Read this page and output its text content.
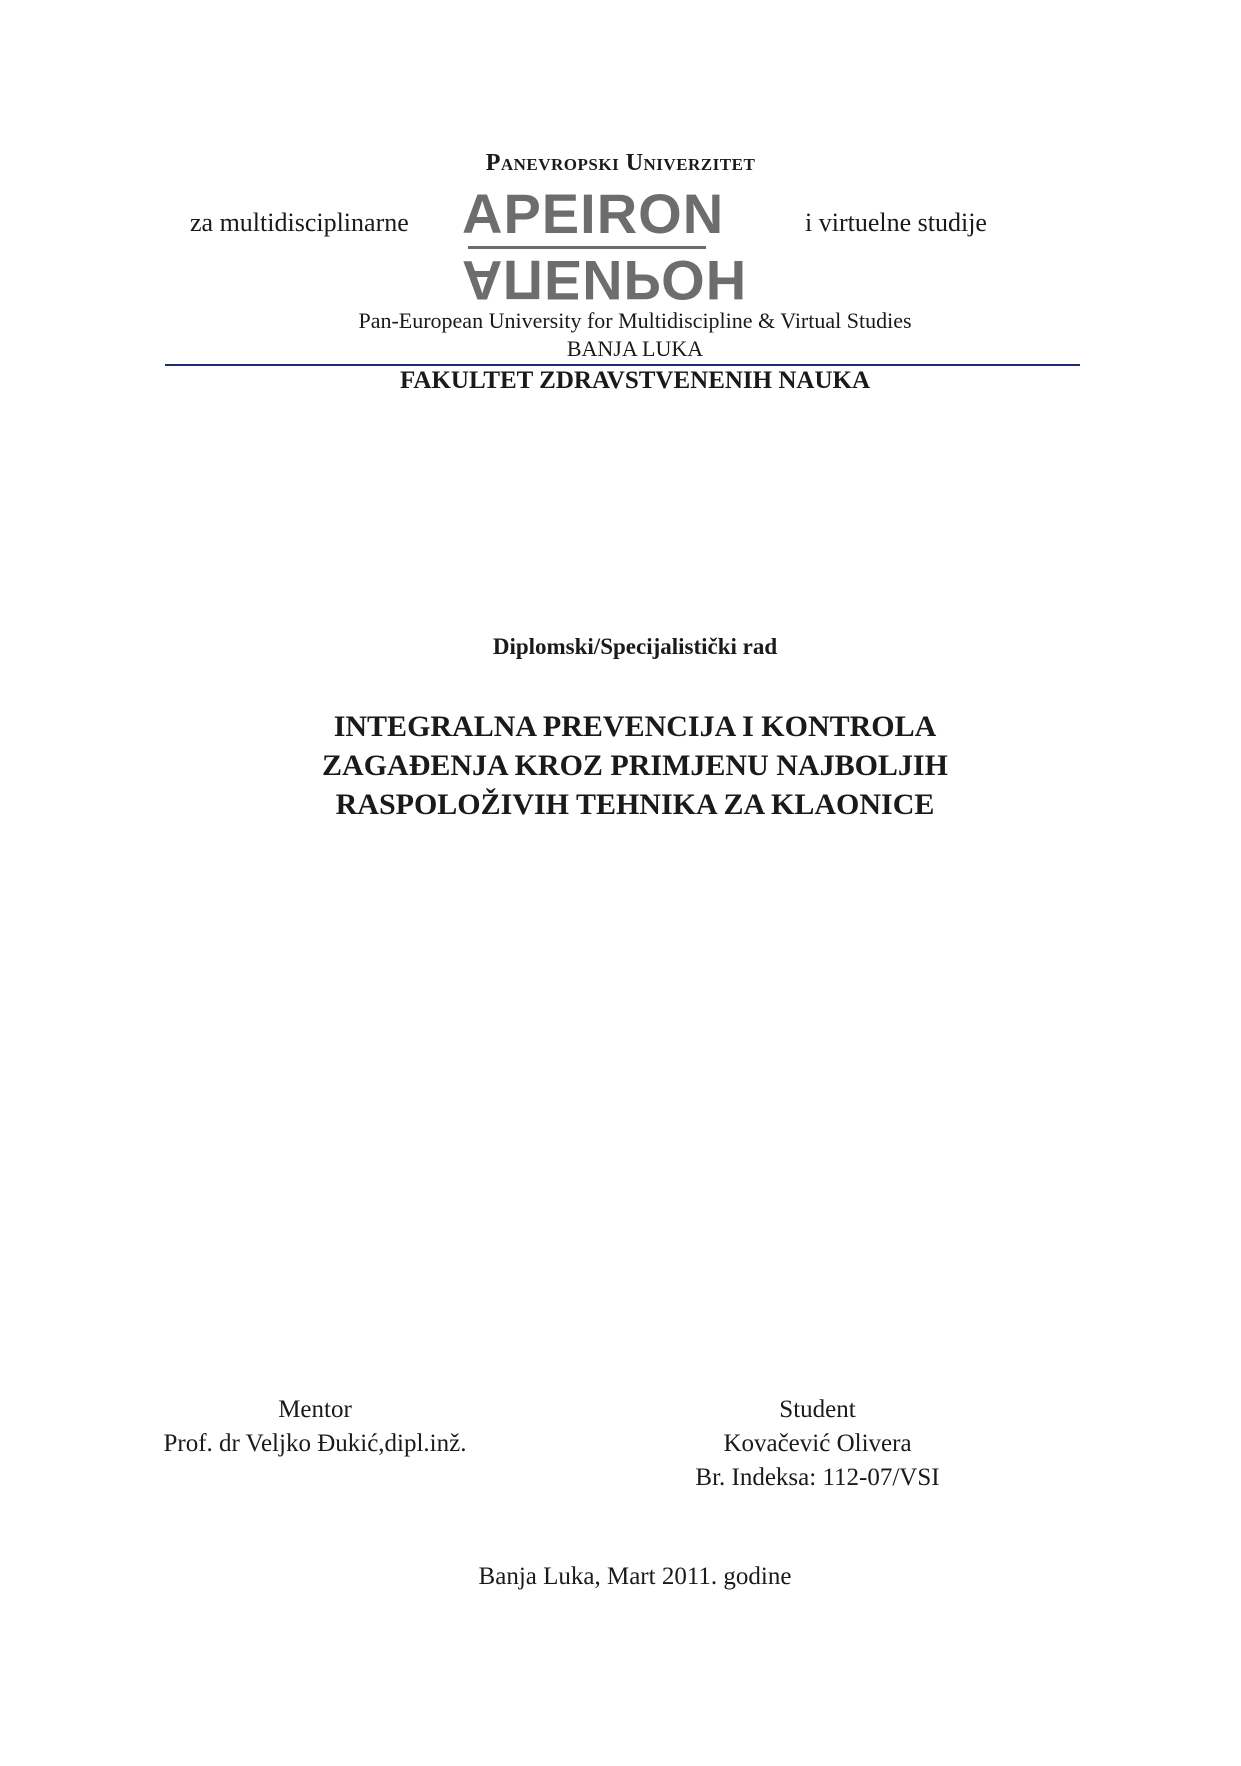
Panevropski Univerzitet
za multidisciplinarne APEIRON
АПЕИРОН
i virtuelne studije
Pan-European University for Multidiscipline & Virtual Studies
BANJA LUKA
FAKULTET ZDRAVSTVENENIH NAUKA
Diplomski/Specijalistički rad
INTEGRALNA PREVENCIJA I KONTROLA
ZAGAĐENJA KROZ PRIMJENU NAJBOLJIH
RASPOLOŽIVIH TEHNIKA ZA KLAONICE
Mentor
Prof. dr Veljko Đukić,dipl.inž.
Student
Kovačević Olivera
Br. Indeksa: 112-07/VSI
Banja Luka, Mart 2011. godine
